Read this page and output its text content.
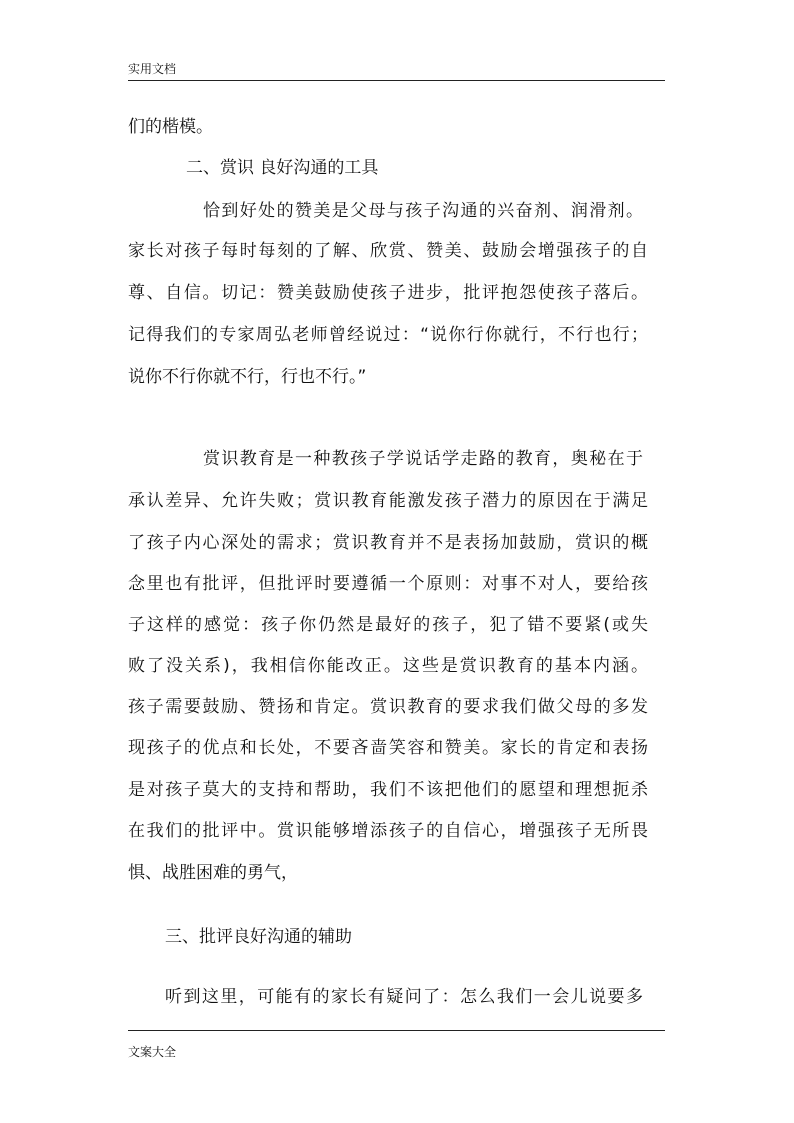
实用文档
们的楷模。
二、赏识 良好沟通的工具
恰到好处的赞美是父母与孩子沟通的兴奋剂、润滑剂。
家长对孩子每时每刻的了解、欣赏、赞美、鼓励会增强孩子的自
尊、自信。切记：赞美鼓励使孩子进步，批评抱怨使孩子落后。
记得我们的专家周弘老师曾经说过：“说你行你就行，不行也行；
说你不行你就不行，行也不行。”
赏识教育是一种教孩子学说话学走路的教育，奥秘在于
承认差异、允许失败；赏识教育能激发孩子潜力的原因在于满足
了孩子内心深处的需求；赏识教育并不是表扬加鼓励，赏识的概
念里也有批评，但批评时要遵循一个原则：对事不对人，要给孩
子这样的感觉：孩子你仍然是最好的孩子，犯了错不要紧(或失
败了没关系)，我相信你能改正。这些是赏识教育的基本内涵。
孩子需要鼓励、赞扬和肯定。赏识教育的要求我们做父母的多发
现孩子的优点和长处，不要吝啬笑容和赞美。家长的肯定和表扬
是对孩子莫大的支持和帮助，我们不该把他们的愿望和理想扼杀
在我们的批评中。赏识能够增添孩子的自信心，增强孩子无所畏
惧、战胜困难的勇气，
三、批评良好沟通的辅助
听到这里，可能有的家长有疑问了：怎么我们一会儿说要多
文案大全
